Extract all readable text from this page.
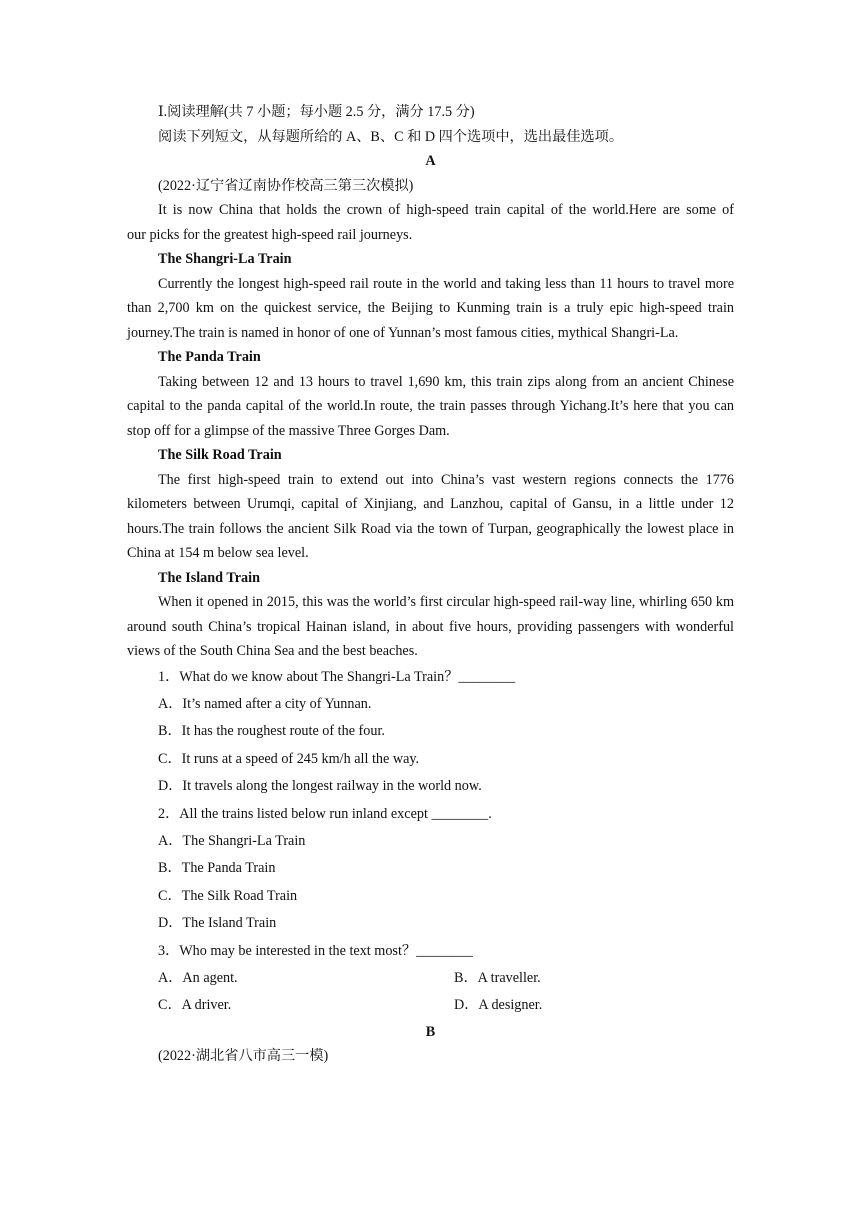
Ⅰ.阅读理解(共 7 小题；每小题 2.5 分，满分 17.5 分)

阅读下列短文，从每题所给的 A、B、C 和 D 四个选项中，选出最佳选项。

A

(2022·辽宁省辽南协作校高三第三次模拟)

It is now China that holds the crown of high-speed train capital of the world.Here are some of

our picks for the greatest high-speed rail journeys.

The Shangri-La Train

Currently the longest high-speed rail route in the world and taking less than 11 hours to travel more than 2,700 km on the quickest service, the Beijing to Kunming train is a truly epic high-speed train journey.The train is named in honor of one of Yunnan’s most famous cities, mythical Shangri-La.

The Panda Train

Taking between 12 and 13 hours to travel 1,690 km, this train zips along from an ancient Chinese capital to the panda capital of the world.In route, the train passes through Yichang.It’s here that you can stop off for a glimpse of the massive Three Gorges Dam.

The Silk Road Train

The first high-speed train to extend out into China’s vast western regions connects the 1776 kilometers between Urumqi, capital of Xinjiang, and Lanzhou, capital of Gansu, in a little under 12 hours.The train follows the ancient Silk Road via the town of Turpan, geographically the lowest place in China at 154 m below sea level.

The Island Train

When it opened in 2015, this was the world’s first circular high-speed rail-way line, whirling 650 km around south China’s tropical Hainan island, in about five hours, providing passengers with wonderful views of the South China Sea and the best beaches.

1．What do we know about The Shangri-La Train？________

A．It’s named after a city of Yunnan.

B．It has the roughest route of the four.

C．It runs at a speed of 245 km/h all the way.

D．It travels along the longest railway in the world now.

2．All the trains listed below run inland except ________.

A．The Shangri-La Train

B．The Panda Train

C．The Silk Road Train

D．The Island Train

3．Who may be interested in the text most？________

A．An agent.	B．A traveller.
C．A driver.	D．A designer.

B

(2022·湖北省八市高三一模)
